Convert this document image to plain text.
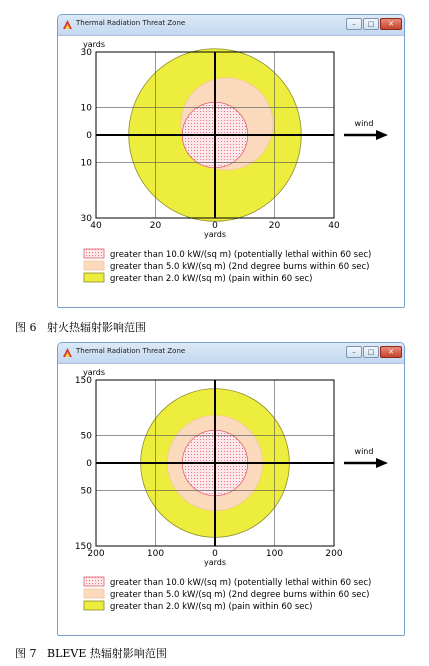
Thermal Radiation Threat Zone	–	□	✕
40	20	0	20	40
30
10
0
10
30
yards
yards
wind
greater than 10.0 kW/(sq m) (potentially lethal within 60 sec)
greater than 5.0 kW/(sq m) (2nd degree burns within 60 sec)
greater than 2.0 kW/(sq m) (pain within 60 sec)
图 6   射火热辐射影响范围
Thermal Radiation Threat Zone	–	□	✕
200	100	0	100	200
150
50
0
50
150
yards
yards
wind
greater than 10.0 kW/(sq m) (potentially lethal within 60 sec)
greater than 5.0 kW/(sq m) (2nd degree burns within 60 sec)
greater than 2.0 kW/(sq m) (pain within 60 sec)
图 7   BLEVE 热辐射影响范围
